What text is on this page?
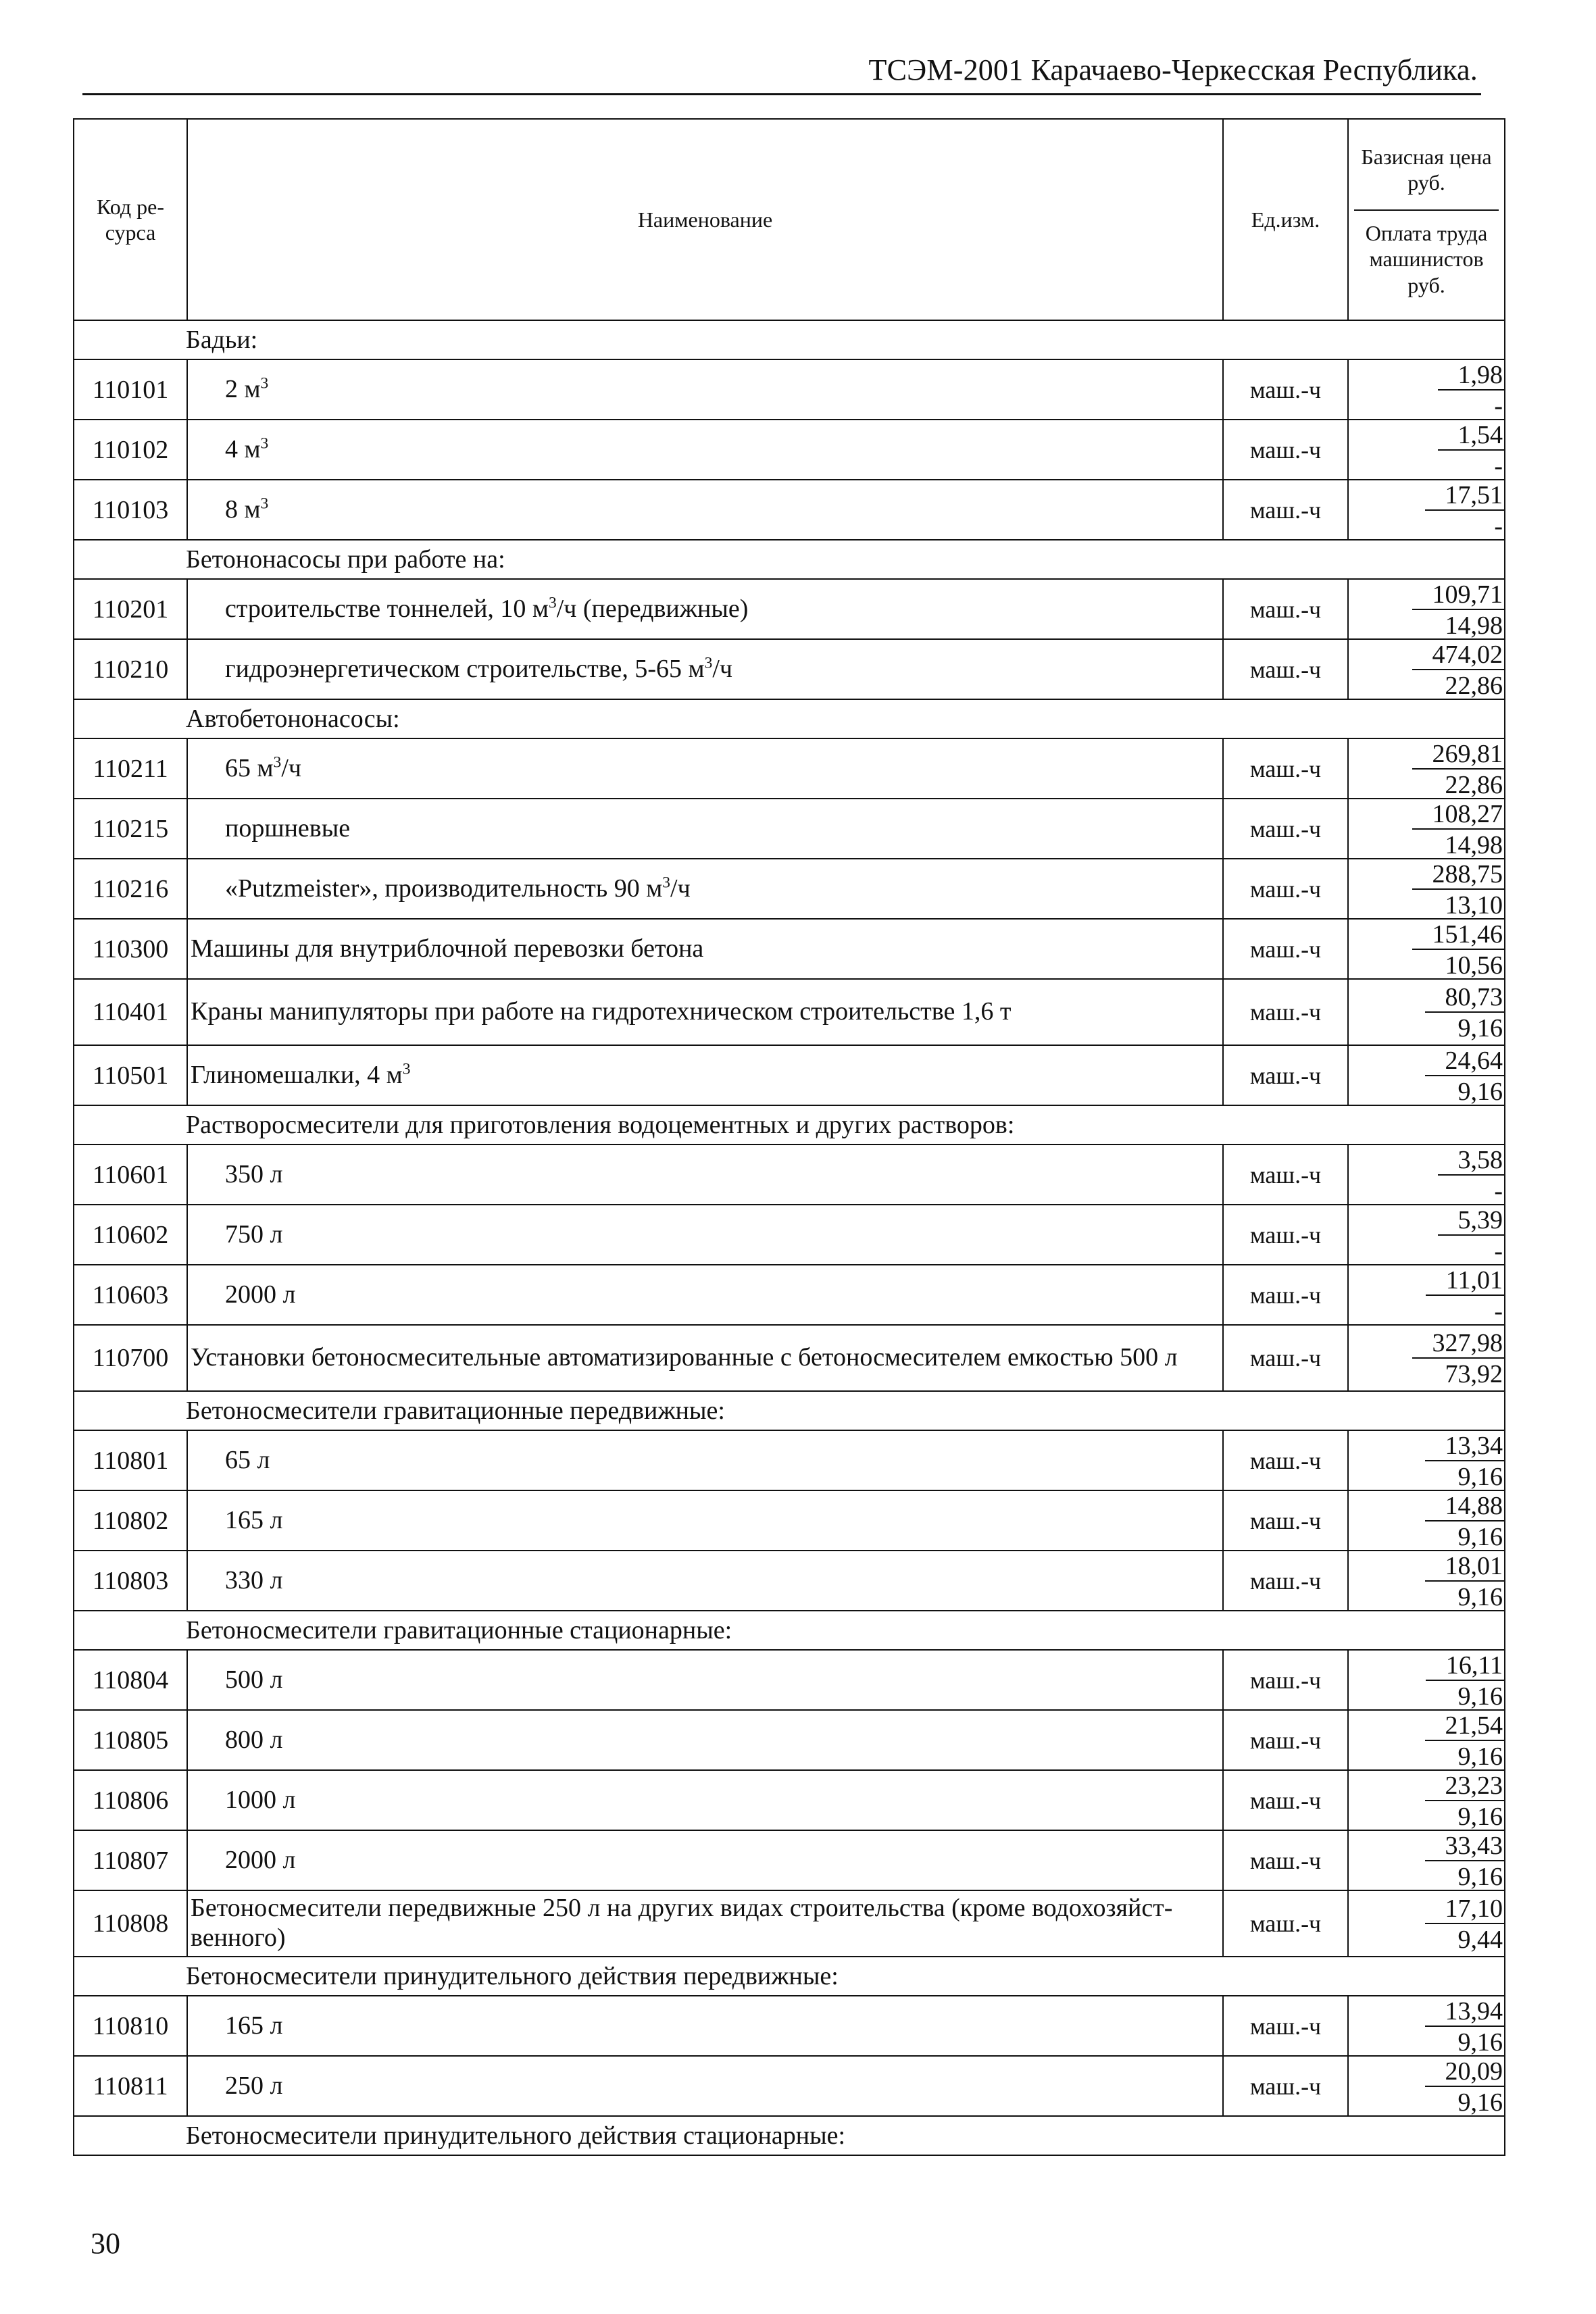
ТСЭМ-2001 Карачаево-Черкесская Республика.
Код ре-сурса	Наименование	Ед.изм.	Базисная цена руб.
Оплата труда машинистов руб.

Бадьи:			
110101	2 $м^3$	маш.-ч	$\frac{1,98}{-}$

110102	4 $м^3$	маш.-ч	$\frac{1,54}{-}$

110103	8 $м^3$	маш.-ч	$\frac{17,51}{-}$

Бетононасосы при работе на:			
110201	строительстве тоннелей, 10 $м^3/ч$ (передвижные)	маш.-ч	$\frac{109,71}{14,98}$

110210	гидроэнергетическом строительстве, 5-65 $м^3/ч$	маш.-ч	$\frac{474,02}{22,86}$

Автобетононасосы:			
110211	65 $м^3/ч$	маш.-ч	$\frac{269,81}{22,86}$

110215	поршневые	маш.-ч	$\frac{108,27}{14,98}$

110216	«Putzmeister», производительность 90 $м^3/ч$	маш.-ч	$\frac{288,75}{13,10}$

110300	Машины для внутриблочной перевозки бетона	маш.-ч	$\frac{151,46}{10,56}$

110401	Краны манипуляторы при работе на гидротехническом строительстве 1,6 т	маш.-ч	$\frac{80,73}{9,16}$

110501	Глиномешалки, 4 $м^3$	маш.-ч	$\frac{24,64}{9,16}$

Растворосмесители для приготовления водоцементных и других растворов:			
110601	350 л	маш.-ч	$\frac{3,58}{-}$

110602	750 л	маш.-ч	$\frac{5,39}{-}$

110603	2000 л	маш.-ч	$\frac{11,01}{-}$

110700	Установки бетоносмесительные автоматизированные с бетоносмесителем емкостью 500 л	маш.-ч	$\frac{327,98}{73,92}$

Бетоносмесители гравитационные передвижные:			
110801	65 л	маш.-ч	$\frac{13,34}{9,16}$

110802	165 л	маш.-ч	$\frac{14,88}{9,16}$

110803	330 л	маш.-ч	$\frac{18,01}{9,16}$

Бетоносмесители гравитационные стационарные:			
110804	500 л	маш.-ч	$\frac{16,11}{9,16}$

110805	800 л	маш.-ч	$\frac{21,54}{9,16}$

110806	1000 л	маш.-ч	$\frac{23,23}{9,16}$

110807	2000 л	маш.-ч	$\frac{33,43}{9,16}$

110808	Бетоносмесители передвижные 250 л на других видах строительства (кроме водохозяйст-венного)	маш.-ч	$\frac{17,10}{9,44}$

Бетоносмесители принудительного действия передвижные:			
110810	165 л	маш.-ч	$\frac{13,94}{9,16}$

110811	250 л	маш.-ч	$\frac{20,09}{9,16}$

Бетоносмесители принудительного действия стационарные:			
30
